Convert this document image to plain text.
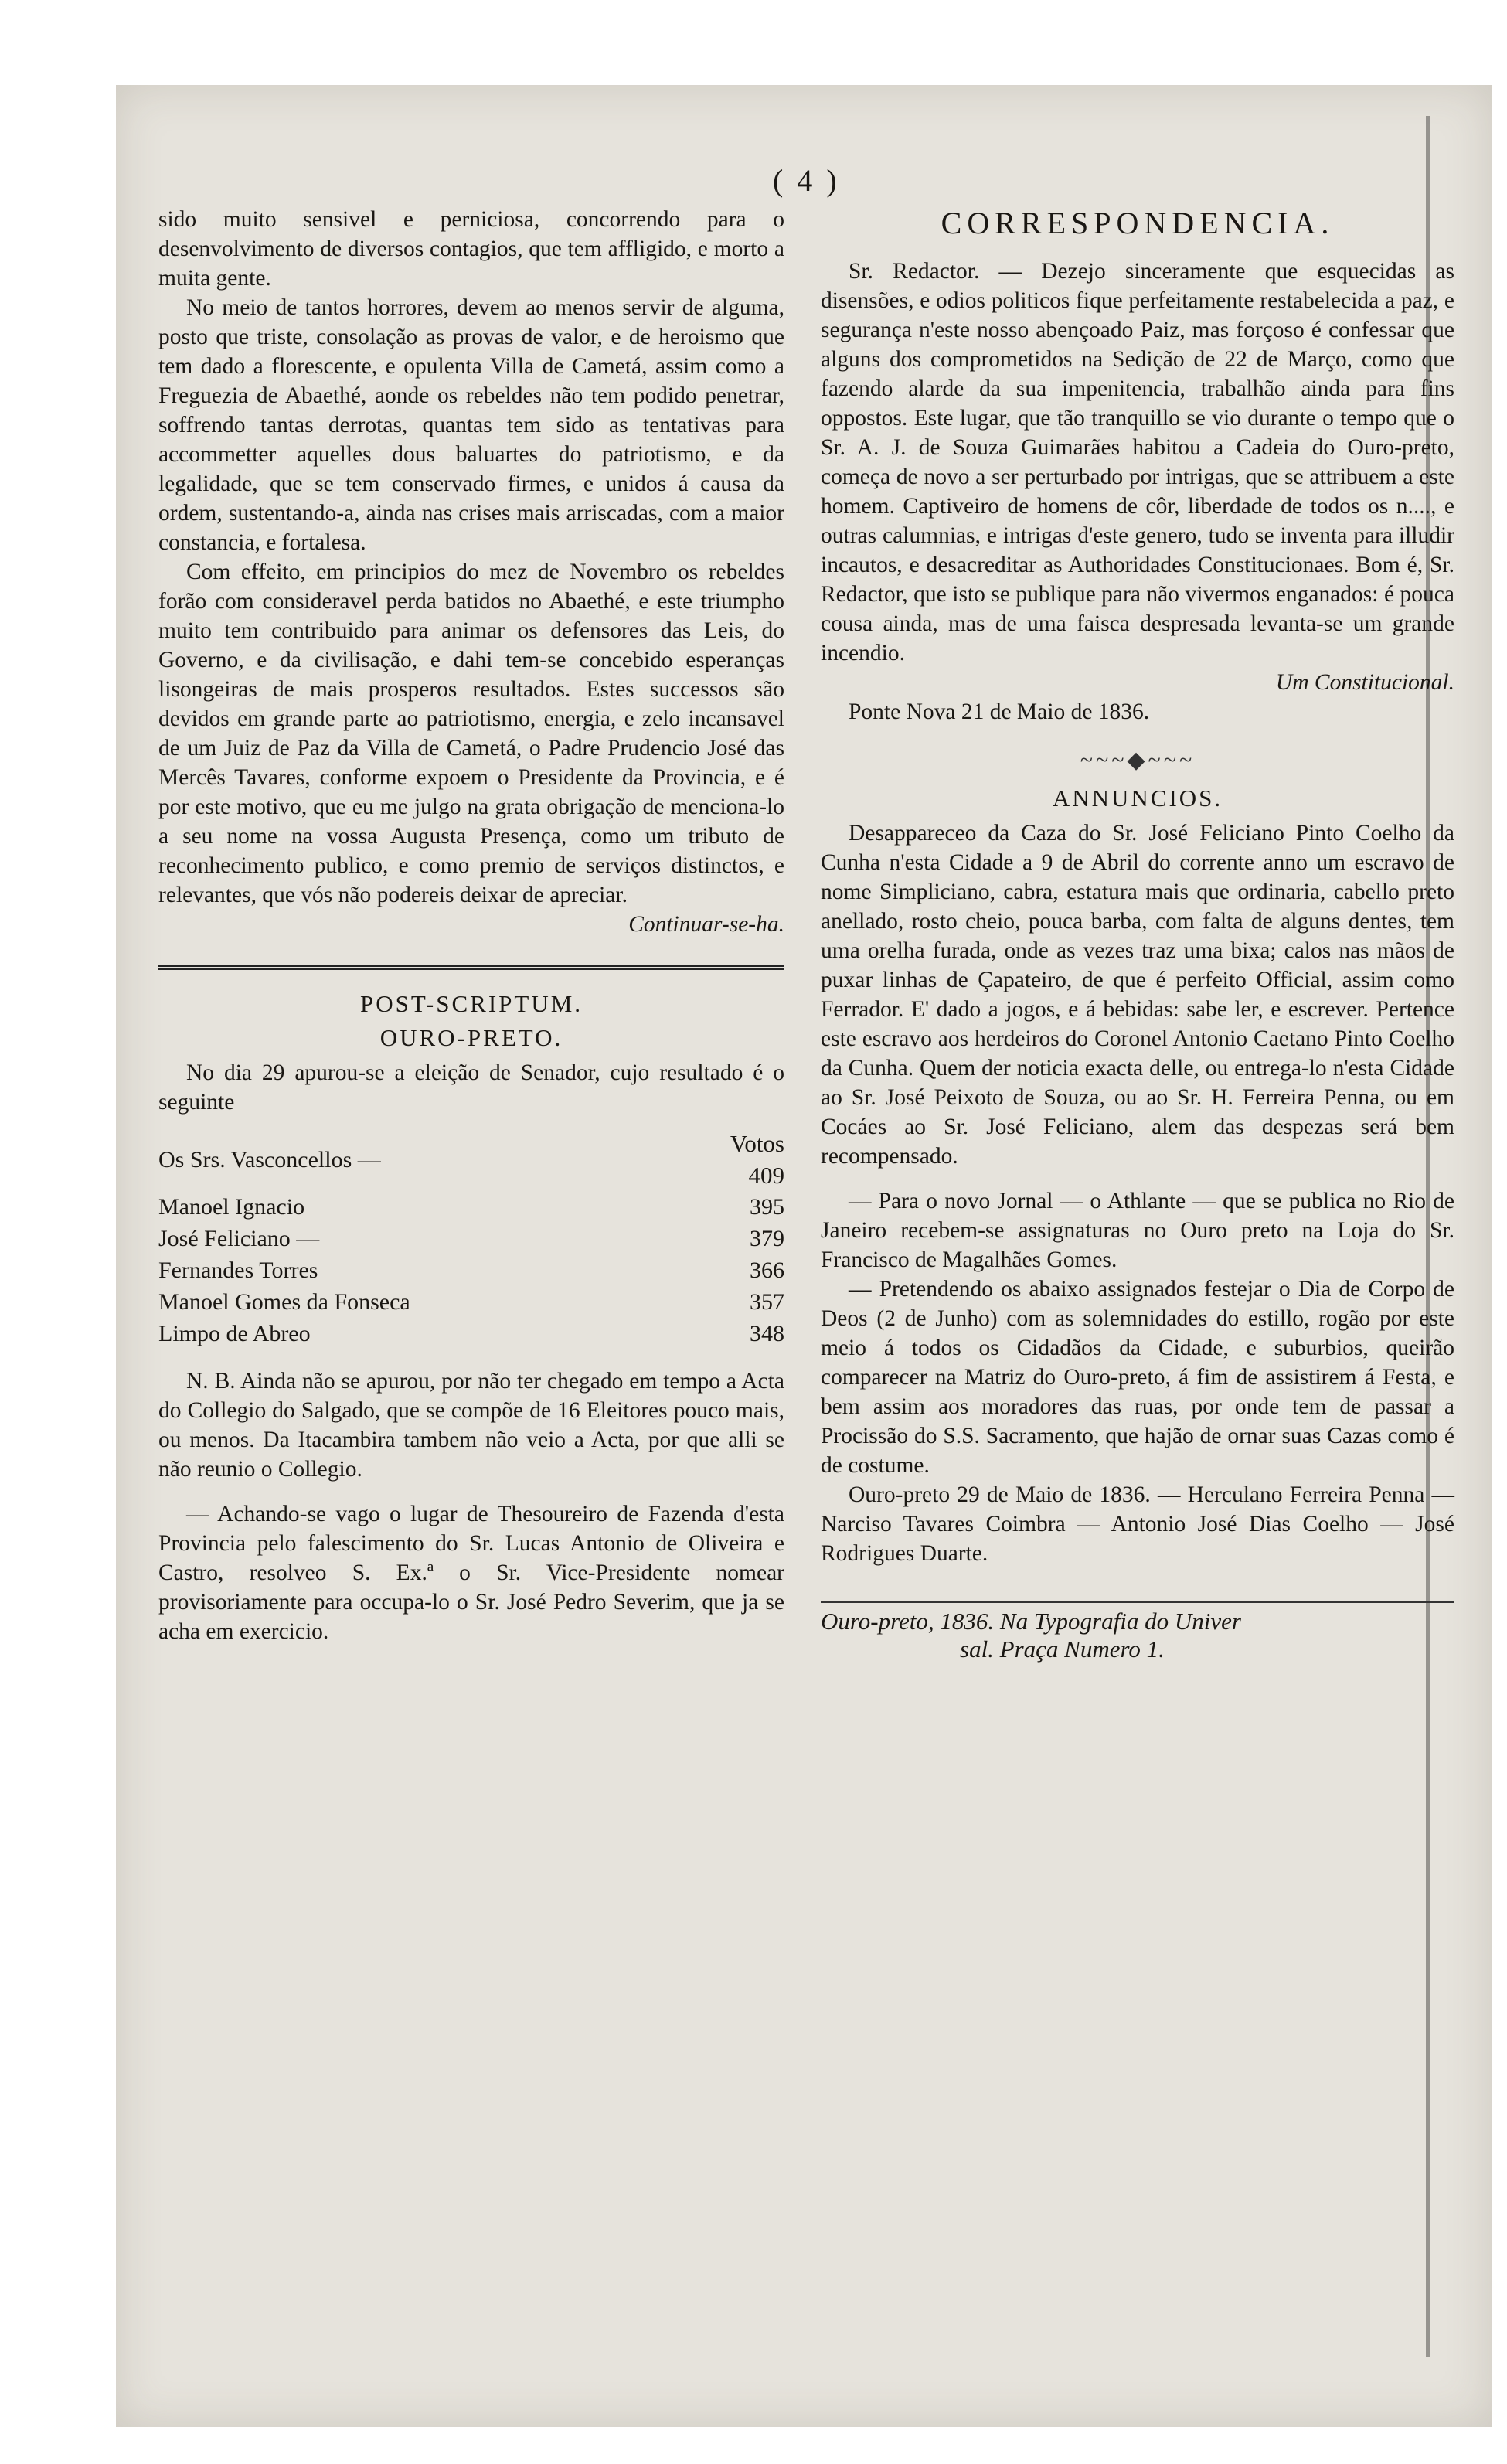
( 4 )

sido muito sensivel e perniciosa, concorrendo para o desenvolvimento de diversos contagios, que tem affligido, e morto a muita gente.

No meio de tantos horrores, devem ao menos servir de alguma, posto que triste, consolação as provas de valor, e de heroismo que tem dado a florescente, e opulenta Villa de Cametá, assim como a Freguezia de Abaethé, aonde os rebeldes não tem podido penetrar, soffrendo tantas derrotas, quantas tem sido as tentativas para accommetter aquelles dous baluartes do patriotismo, e da legalidade, que se tem conservado firmes, e unidos á causa da ordem, sustentando-a, ainda nas crises mais arriscadas, com a maior constancia, e fortalesa.

Com effeito, em principios do mez de Novembro os rebeldes forão com consideravel perda batidos no Abaethé, e este triumpho muito tem contribuido para animar os defensores das Leis, do Governo, e da civilisação, e dahi tem-se concebido esperanças lisongeiras de mais prosperos resultados. Estes successos são devidos em grande parte ao patriotismo, energia, e zelo incansavel de um Juiz de Paz da Villa de Cametá, o Padre Prudencio José das Mercês Tavares, conforme expoem o Presidente da Provincia, e é por este motivo, que eu me julgo na grata obrigação de menciona-lo a seu nome na vossa Augusta Presença, como um tributo de reconhecimento publico, e como premio de serviços distinctos, e relevantes, que vós não podereis deixar de apreciar.

Continuar-se-ha.

POST-SCRIPTUM.
OURO-PRETO.

No dia 29 apurou-se a eleição de Senador, cujo resultado é o seguinte

Os Srs. Vasconcellos —	Votos 409
Manoel Ignacio	395
José Feliciano —	379
Fernandes Torres	366
Manoel Gomes da Fonseca	357
Limpo de Abreo	348

N. B. Ainda não se apurou, por não ter chegado em tempo a Acta do Collegio do Salgado, que se compõe de 16 Eleitores pouco mais, ou menos. Da Itacambira tambem não veio a Acta, por que alli se não reunio o Collegio.

— Achando-se vago o lugar de Thesoureiro de Fazenda d'esta Provincia pelo falescimento do Sr. Lucas Antonio de Oliveira e Castro, resolveo S. Ex.ª o Sr. Vice-Presidente nomear provisoriamente para occupa-lo o Sr. José Pedro Severim, que ja se acha em exercicio.

CORRESPONDENCIA.

Sr. Redactor. — Dezejo sinceramente que esquecidas as disensões, e odios politicos fique perfeitamente restabelecida a paz, e segurança n'este nosso abençoado Paiz, mas forçoso é confessar que alguns dos comprometidos na Sedição de 22 de Março, como que fazendo alarde da sua impenitencia, trabalhão ainda para fins oppostos. Este lugar, que tão tranquillo se vio durante o tempo que o Sr. A. J. de Souza Guimarães habitou a Cadeia do Ouro-preto, começa de novo a ser perturbado por intrigas, que se attribuem a este homem. Captiveiro de homens de côr, liberdade de todos os n...., e outras calumnias, e intrigas d'este genero, tudo se inventa para illudir incautos, e desacreditar as Authoridades Constitucionaes. Bom é, Sr. Redactor, que isto se publique para não vivermos enganados: é pouca cousa ainda, mas de uma faisca despresada levanta-se um grande incendio.

Um Constitucional.

Ponte Nova 21 de Maio de 1836.

~~~◆~~~
ANNUNCIOS.

Desappareceo da Caza do Sr. José Feliciano Pinto Coelho da Cunha n'esta Cidade a 9 de Abril do corrente anno um escravo de nome Simpliciano, cabra, estatura mais que ordinaria, cabello preto anellado, rosto cheio, pouca barba, com falta de alguns dentes, tem uma orelha furada, onde as vezes traz uma bixa; calos nas mãos de puxar linhas de Çapateiro, de que é perfeito Official, assim como Ferrador. E' dado a jogos, e á bebidas: sabe ler, e escrever. Pertence este escravo aos herdeiros do Coronel Antonio Caetano Pinto Coelho da Cunha. Quem der noticia exacta delle, ou entrega-lo n'esta Cidade ao Sr. José Peixoto de Souza, ou ao Sr. H. Ferreira Penna, ou em Cocáes ao Sr. José Feliciano, alem das despezas será bem recompensado.

— Para o novo Jornal — o Athlante — que se publica no Rio de Janeiro recebem-se assignaturas no Ouro preto na Loja do Sr. Francisco de Magalhães Gomes.

— Pretendendo os abaixo assignados festejar o Dia de Corpo de Deos (2 de Junho) com as solemnidades do estillo, rogão por este meio á todos os Cidadãos da Cidade, e suburbios, queirão comparecer na Matriz do Ouro-preto, á fim de assistirem á Festa, e bem assim aos moradores das ruas, por onde tem de passar a Procissão do S.S. Sacramento, que hajão de ornar suas Cazas como é de costume.

Ouro-preto 29 de Maio de 1836. — Herculano Ferreira Penna — Narciso Tavares Coimbra — Antonio José Dias Coelho — José Rodrigues Duarte.

Ouro-preto, 1836. Na Typografia do Univer
sal. Praça Numero 1.
